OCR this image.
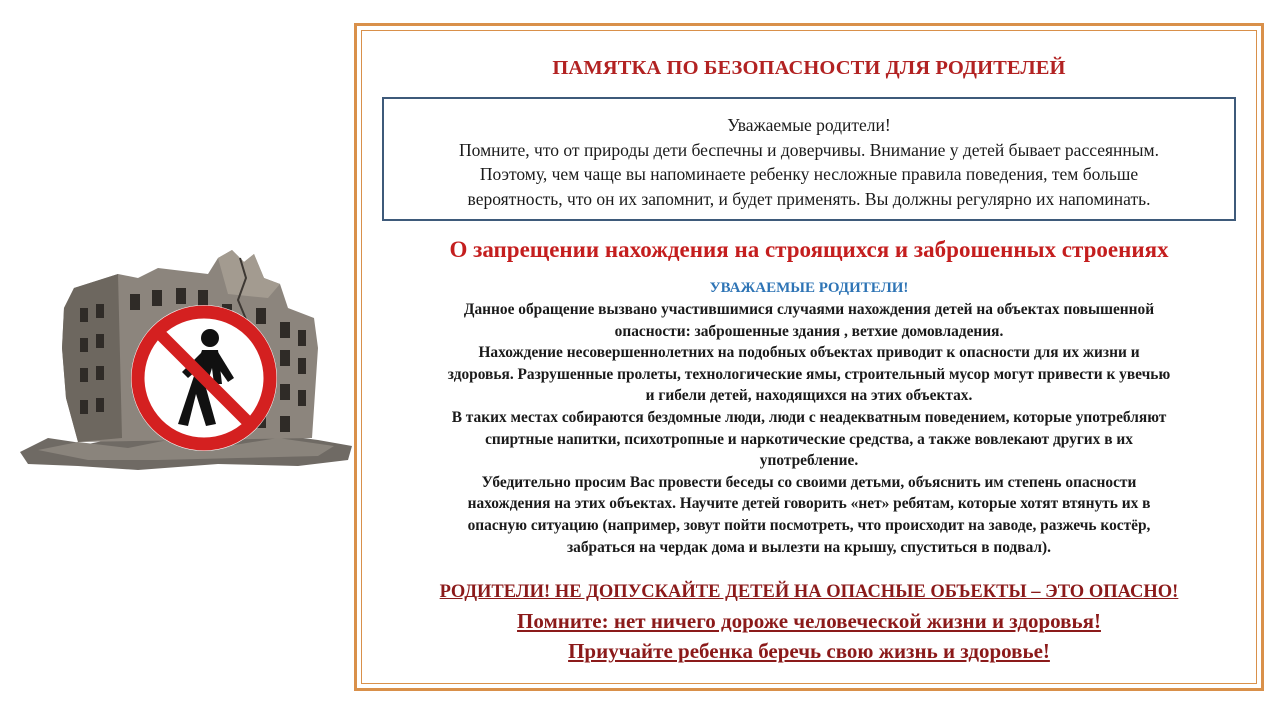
ПАМЯТКА ПО БЕЗОПАСНОСТИ ДЛЯ РОДИТЕЛЕЙ
Уважаемые родители!
Помните, что от природы дети беспечны и доверчивы. Внимание у детей бывает рассеянным.
Поэтому, чем чаще вы напоминаете ребенку несложные правила поведения, тем больше
вероятность, что он их запомнит, и будет применять. Вы должны регулярно их напоминать.
О запрещении нахождения на строящихся и заброшенных строениях
УВАЖАЕМЫЕ РОДИТЕЛИ!
Данное обращение вызвано участившимися случаями нахождения детей на объектах повышенной
опасности: заброшенные здания , ветхие домовладения.
Нахождение несовершеннолетних на подобных объектах приводит к опасности для их жизни и
здоровья. Разрушенные пролеты, технологические ямы, строительный мусор могут привести к увечью
и гибели детей, находящихся на этих объектах.
В таких местах собираются бездомные люди, люди с неадекватным поведением, которые употребляют
спиртные напитки, психотропные и наркотические средства, а также вовлекают других в их
употребление.
Убедительно просим Вас провести беседы со своими детьми, объяснить им степень опасности
нахождения на этих объектах. Научите детей говорить «нет» ребятам, которые хотят втянуть их в
опасную ситуацию (например, зовут пойти посмотреть, что происходит на заводе, разжечь костёр,
забраться на чердак дома и вылезти на крышу, спуститься в подвал).
РОДИТЕЛИ! НЕ ДОПУСКАЙТЕ ДЕТЕЙ НА ОПАСНЫЕ ОБЪЕКТЫ – ЭТО ОПАСНО!
Помните: нет ничего дороже человеческой жизни и здоровья!
Приучайте ребенка беречь свою жизнь и здоровье!
